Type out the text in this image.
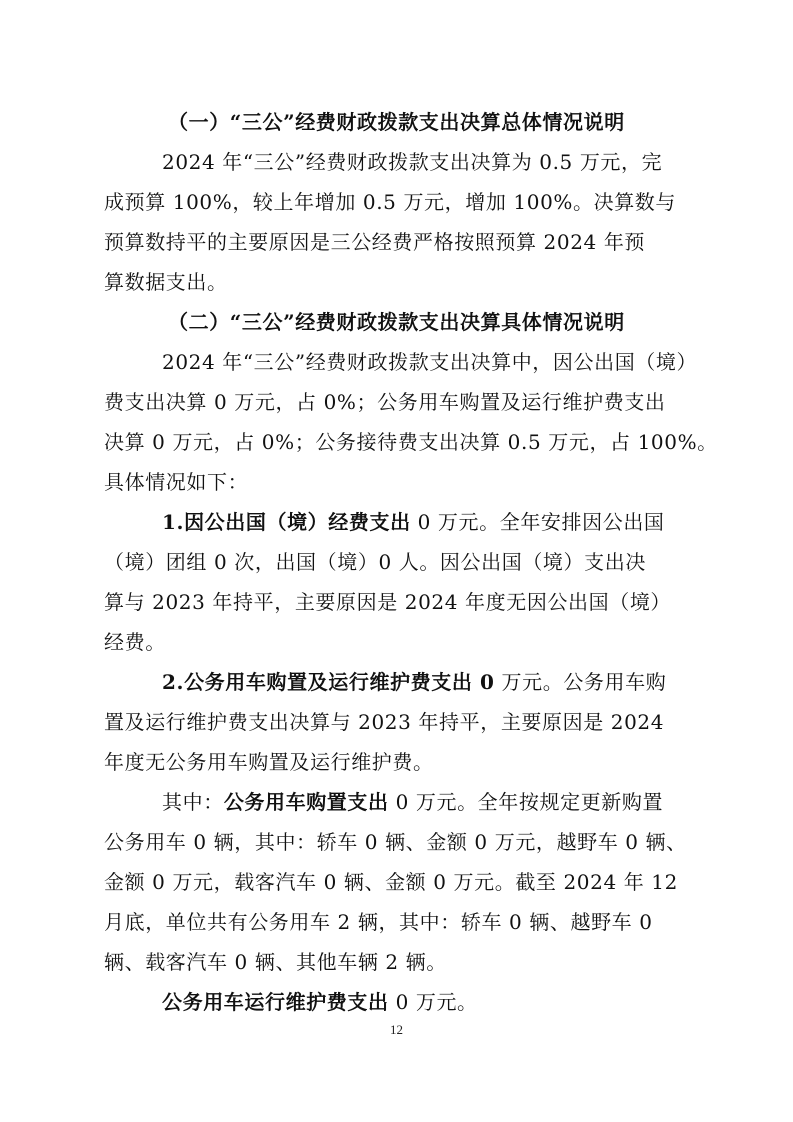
（一）“三公”经费财政拨款支出决算总体情况说明
2024 年“三公”经费财政拨款支出决算为 0.5 万元，完
成预算 100%，较上年增加 0.5 万元，增加 100%。决算数与
预算数持平的主要原因是三公经费严格按照预算 2024 年预
算数据支出。
（二）“三公”经费财政拨款支出决算具体情况说明
2024 年“三公”经费财政拨款支出决算中，因公出国（境）
费支出决算 0 万元，占 0%；公务用车购置及运行维护费支出
决算 0 万元，占 0%；公务接待费支出决算 0.5 万元，占 100%。
具体情况如下：
1.因公出国（境）经费支出 0 万元。全年安排因公出国
（境）团组 0 次，出国（境）0 人。因公出国（境）支出决
算与 2023 年持平，主要原因是 2024 年度无因公出国（境）
经费。
2.公务用车购置及运行维护费支出 0 万元。公务用车购
置及运行维护费支出决算与 2023 年持平，主要原因是 2024
年度无公务用车购置及运行维护费。
其中：公务用车购置支出 0 万元。全年按规定更新购置
公务用车 0 辆，其中：轿车 0 辆、金额 0 万元，越野车 0 辆、
金额 0 万元，载客汽车 0 辆、金额 0 万元。截至 2024 年 12
月底，单位共有公务用车 2 辆，其中：轿车 0 辆、越野车 0
辆、载客汽车 0 辆、其他车辆 2 辆。
公务用车运行维护费支出 0 万元。
12
